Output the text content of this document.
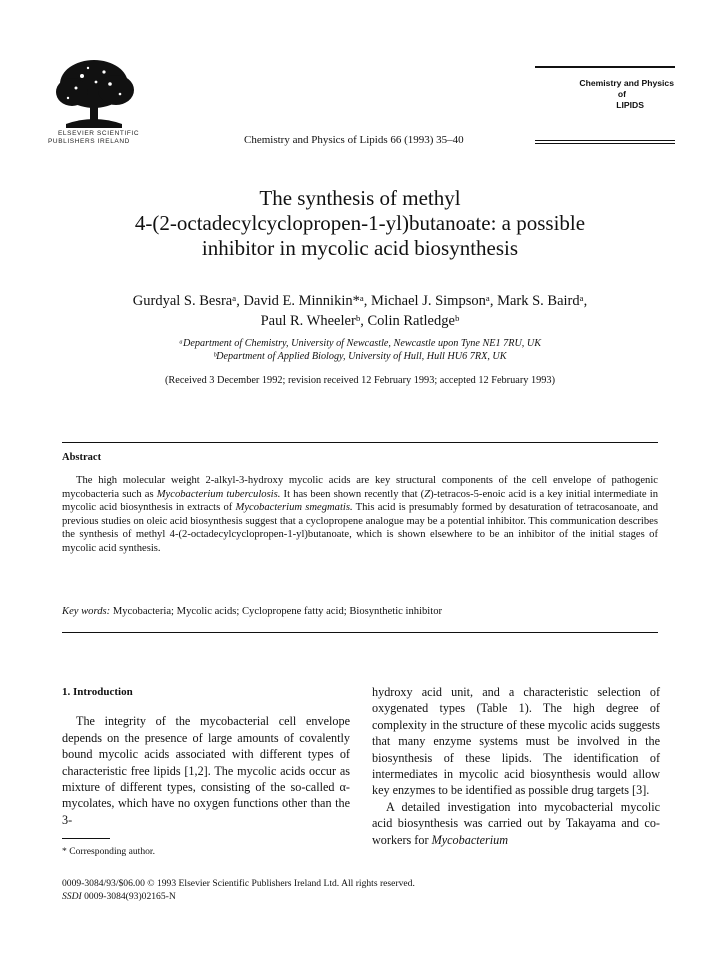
ELSEVIER SCIENTIFIC
PUBLISHERS IRELAND	Chemistry and Physics of Lipids 66 (1993) 35–40
Chemistry and Physics
of
LIPIDS
The synthesis of methyl
4-(2-octadecylcyclopropen-1-yl)butanoate: a possible
inhibitor in mycolic acid biosynthesis
Gurdyal S. Besraᵃ, David E. Minnikin*ᵃ, Michael J. Simpsonᵃ, Mark S. Bairdᵃ,
Paul R. Wheelerᵇ, Colin Ratledgeᵇ
ᵃDepartment of Chemistry, University of Newcastle, Newcastle upon Tyne NE1 7RU, UK
ᵇDepartment of Applied Biology, University of Hull, Hull HU6 7RX, UK
(Received 3 December 1992; revision received 12 February 1993; accepted 12 February 1993)
Abstract
The high molecular weight 2-alkyl-3-hydroxy mycolic acids are key structural components of the cell envelope of pathogenic mycobacteria such as Mycobacterium tuberculosis. It has been shown recently that (Z)-tetracos-5-enoic acid is a key initial intermediate in mycolic acid biosynthesis in extracts of Mycobacterium smegmatis. This acid is presumably formed by desaturation of tetracosanoate, and previous studies on oleic acid biosynthesis suggest that a cyclopropene analogue may be a potential inhibitor. This communication describes the synthesis of methyl 4-(2-octadecylcyclopropen-1-yl)butanoate, which is shown elsewhere to be an inhibitor of the initial stages of mycolic acid synthesis.
Key words: Mycobacteria; Mycolic acids; Cyclopropene fatty acid; Biosynthetic inhibitor
1. Introduction

The integrity of the mycobacterial cell envelope depends on the presence of large amounts of covalently bound mycolic acids associated with different types of characteristic free lipids [1,2]. The mycolic acids occur as mixture of different types, consisting of the so-called α-mycolates, which have no oxygen functions other than the 3-

hydroxy acid unit, and a characteristic selection of oxygenated types (Table 1). The high degree of complexity in the structure of these mycolic acids suggests that many enzyme systems must be involved in the biosynthesis of these lipids. The identification of intermediates in mycolic acid biosynthesis would allow key enzymes to be identified as possible drug targets [3].

A detailed investigation into mycobacterial mycolic acid biosynthesis was carried out by Takayama and co-workers for Mycobacterium

* Corresponding author.
0009-3084/93/$06.00 © 1993 Elsevier Scientific Publishers Ireland Ltd. All rights reserved.
SSDI 0009-3084(93)02165-N
